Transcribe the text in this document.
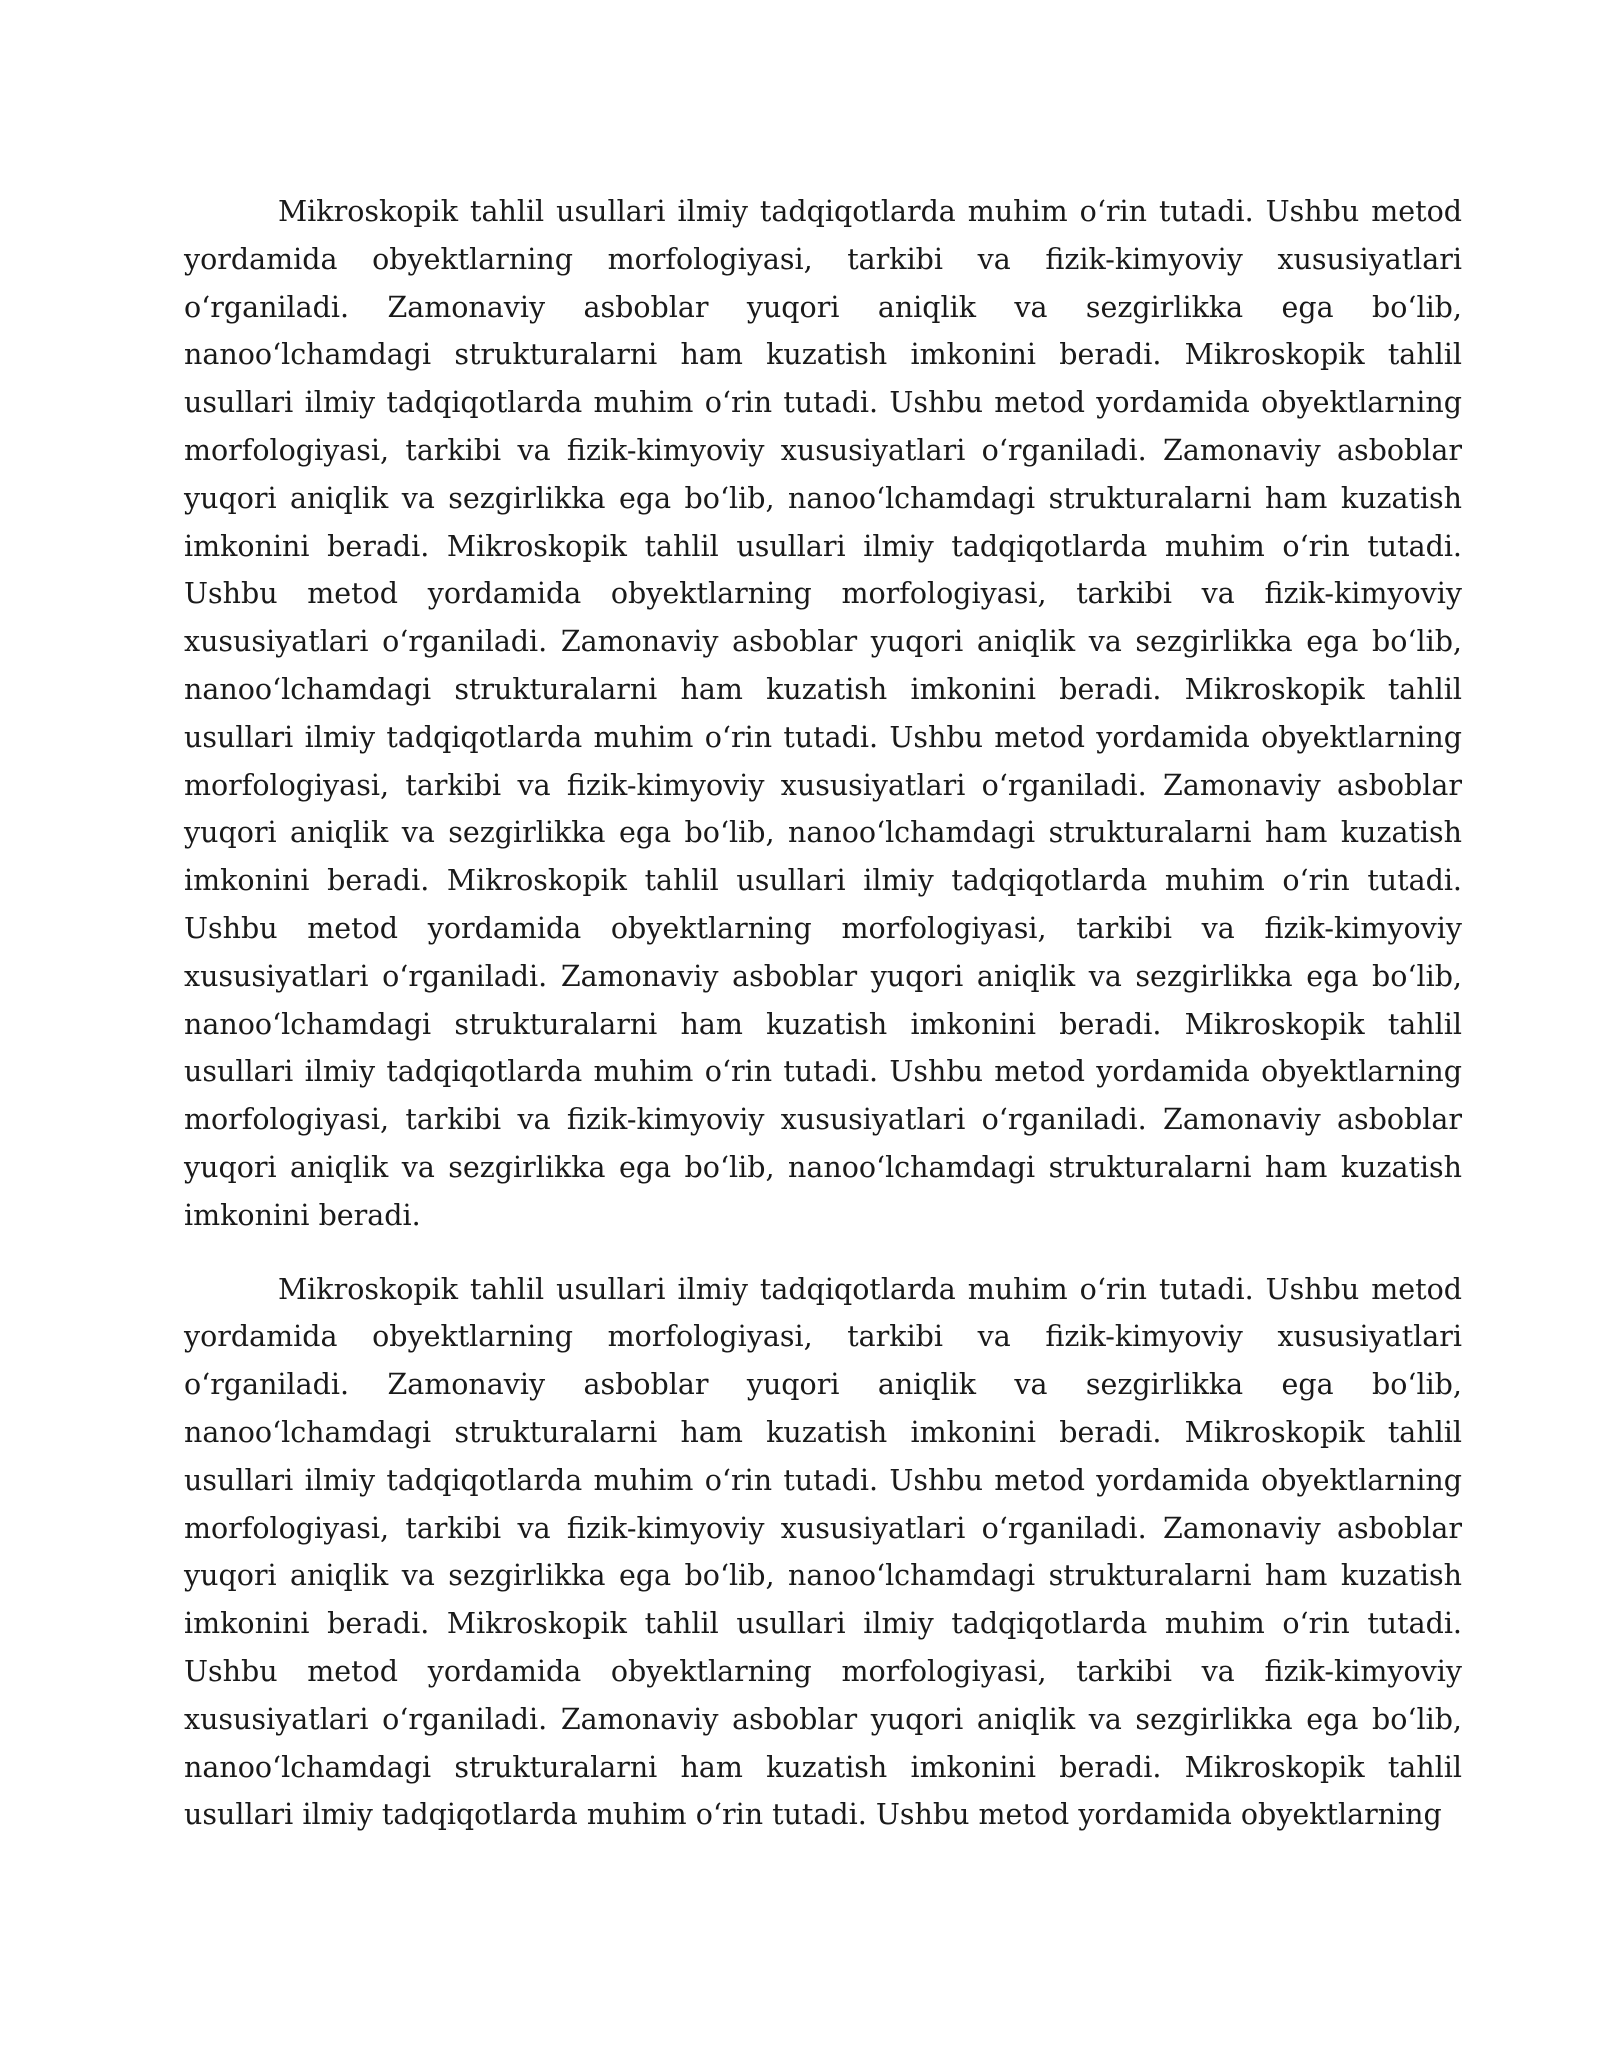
Mikroskopik tahlil usullari ilmiy tadqiqotlarda muhim o‘rin tutadi. Ushbu metod yordamida obyektlarning morfologiyasi, tarkibi va fizik-kimyoviy xususiyatlari o‘rganiladi. Zamonaviy asboblar yuqori aniqlik va sezgirlikka ega bo‘lib, nanoo‘lchamdagi strukturalarni ham kuzatish imkonini beradi. Mikroskopik tahlil usullari ilmiy tadqiqotlarda muhim o‘rin tutadi. Ushbu metod yordamida obyektlarning morfologiyasi, tarkibi va fizik-kimyoviy xususiyatlari o‘rganiladi. Zamonaviy asboblar yuqori aniqlik va sezgirlikka ega bo‘lib, nanoo‘lchamdagi strukturalarni ham kuzatish imkonini beradi. Mikroskopik tahlil usullari ilmiy tadqiqotlarda muhim o‘rin tutadi. Ushbu metod yordamida obyektlarning morfologiyasi, tarkibi va fizik-kimyoviy xususiyatlari o‘rganiladi. Zamonaviy asboblar yuqori aniqlik va sezgirlikka ega bo‘lib, nanoo‘lchamdagi strukturalarni ham kuzatish imkonini beradi. Mikroskopik tahlil usullari ilmiy tadqiqotlarda muhim o‘rin tutadi. Ushbu metod yordamida obyektlarning morfologiyasi, tarkibi va fizik-kimyoviy xususiyatlari o‘rganiladi. Zamonaviy asboblar yuqori aniqlik va sezgirlikka ega bo‘lib, nanoo‘lchamdagi strukturalarni ham kuzatish imkonini beradi. Mikroskopik tahlil usullari ilmiy tadqiqotlarda muhim o‘rin tutadi. Ushbu metod yordamida obyektlarning morfologiyasi, tarkibi va fizik-kimyoviy xususiyatlari o‘rganiladi. Zamonaviy asboblar yuqori aniqlik va sezgirlikka ega bo‘lib, nanoo‘lchamdagi strukturalarni ham kuzatish imkonini beradi. Mikroskopik tahlil usullari ilmiy tadqiqotlarda muhim o‘rin tutadi. Ushbu metod yordamida obyektlarning morfologiyasi, tarkibi va fizik-kimyoviy xususiyatlari o‘rganiladi. Zamonaviy asboblar yuqori aniqlik va sezgirlikka ega bo‘lib, nanoo‘lchamdagi strukturalarni ham kuzatish imkonini beradi.

Mikroskopik tahlil usullari ilmiy tadqiqotlarda muhim o‘rin tutadi. Ushbu metod yordamida obyektlarning morfologiyasi, tarkibi va fizik-kimyoviy xususiyatlari o‘rganiladi. Zamonaviy asboblar yuqori aniqlik va sezgirlikka ega bo‘lib, nanoo‘lchamdagi strukturalarni ham kuzatish imkonini beradi. Mikroskopik tahlil usullari ilmiy tadqiqotlarda muhim o‘rin tutadi. Ushbu metod yordamida obyektlarning morfologiyasi, tarkibi va fizik-kimyoviy xususiyatlari o‘rganiladi. Zamonaviy asboblar yuqori aniqlik va sezgirlikka ega bo‘lib, nanoo‘lchamdagi strukturalarni ham kuzatish imkonini beradi. Mikroskopik tahlil usullari ilmiy tadqiqotlarda muhim o‘rin tutadi. Ushbu metod yordamida obyektlarning morfologiyasi, tarkibi va fizik-kimyoviy xususiyatlari o‘rganiladi. Zamonaviy asboblar yuqori aniqlik va sezgirlikka ega bo‘lib, nanoo‘lchamdagi strukturalarni ham kuzatish imkonini beradi. Mikroskopik tahlil usullari ilmiy tadqiqotlarda muhim o‘rin tutadi. Ushbu metod yordamida obyektlarning
